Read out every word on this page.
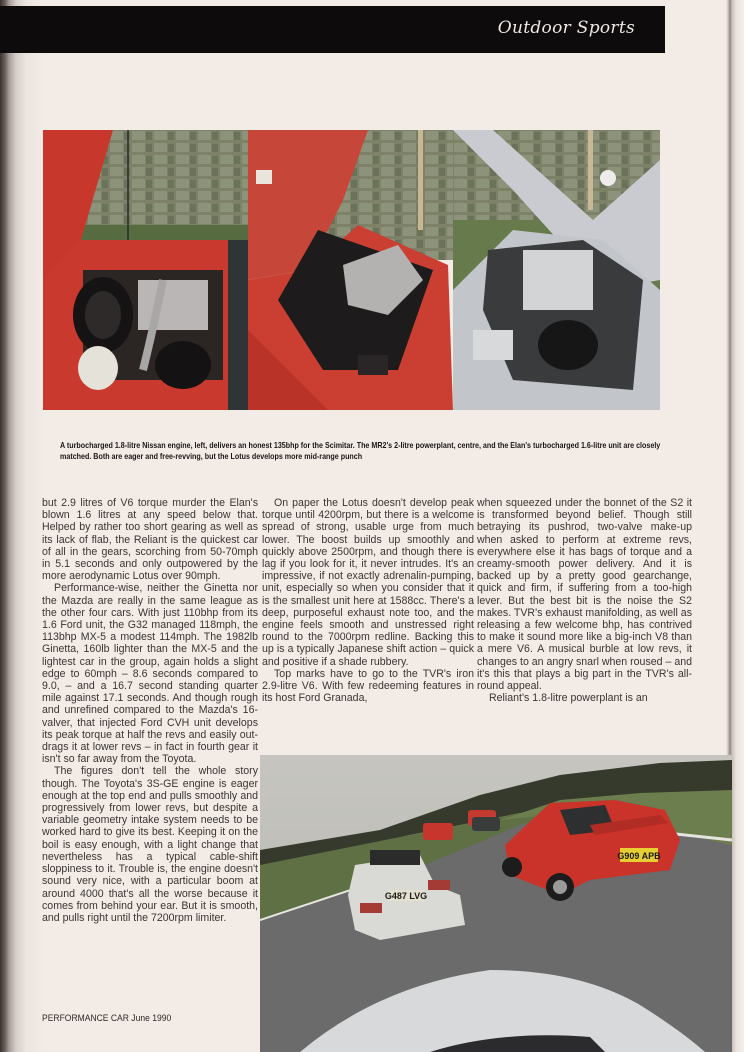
Outdoor Sports
A turbocharged 1.8-litre Nissan engine, left, delivers an honest 135bhp for the Scimitar. The MR2's 2-litre powerplant, centre, and the Elan's turbocharged 1.6-litre unit are closely matched. Both are eager and free-revving, but the Lotus develops more mid-range punch

but 2.9 litres of V6 torque murder the Elan's blown 1.6 litres at any speed below that. Helped by rather too short gearing as well as its lack of flab, the Reliant is the quickest car of all in the gears, scorching from 50-70mph in 5.1 seconds and only outpowered by the more aerodynamic Lotus over 90mph.

Performance-wise, neither the Ginetta nor the Mazda are really in the same league as the other four cars. With just 110bhp from its 1.6 Ford unit, the G32 managed 118mph, the 113bhp MX-5 a modest 114mph. The 1982lb Ginetta, 160lb lighter than the MX-5 and the lightest car in the group, again holds a slight edge to 60mph – 8.6 seconds compared to 9.0, – and a 16.7 second standing quarter mile against 17.1 seconds. And though rough and unrefined compared to the Mazda's 16-valver, that injected Ford CVH unit develops its peak torque at half the revs and easily out-drags it at lower revs – in fact in fourth gear it isn't so far away from the Toyota.

The figures don't tell the whole story though. The Toyota's 3S-GE engine is eager enough at the top end and pulls smoothly and progressively from lower revs, but despite a variable geometry intake system needs to be worked hard to give its best. Keeping it on the boil is easy enough, with a light change that nevertheless has a typical cable-shift sloppiness to it. Trouble is, the engine doesn't sound very nice, with a particular boom at around 4000 that's all the worse because it comes from behind your ear. But it is smooth, and pulls right until the 7200rpm limiter.

On paper the Lotus doesn't develop peak torque until 4200rpm, but there is a welcome spread of strong, usable urge from much lower. The boost builds up smoothly and quickly above 2500rpm, and though there is lag if you look for it, it never intrudes. It's an impressive, if not exactly adrenalin-pumping, unit, especially so when you consider that it is the smallest unit here at 1588cc. There's a deep, purposeful exhaust note too, and the engine feels smooth and unstressed right round to the 7000rpm redline. Backing this up is a typically Japanese shift action – quick and positive if a shade rubbery.

Top marks have to go to the TVR's iron 2.9-litre V6. With few redeeming features in its host Ford Granada,

when squeezed under the bonnet of the S2 it is transformed beyond belief. Though still betraying its pushrod, two-valve make-up when asked to perform at extreme revs, everywhere else it has bags of torque and a creamy-smooth power delivery. And it is backed up by a pretty good gearchange, quick and firm, if suffering from a too-high lever. But the best bit is the noise the S2 makes. TVR's exhaust manifolding, as well as releasing a few welcome bhp, has contrived to make it sound more like a big-inch V8 than a mere V6. A musical burble at low revs, it changes to an angry snarl when roused – and it's this that plays a big part in the TVR's all-round appeal.

Reliant's 1.8-litre powerplant is an

G487 LVG
G909 APB
PERFORMANCE CAR June 1990
